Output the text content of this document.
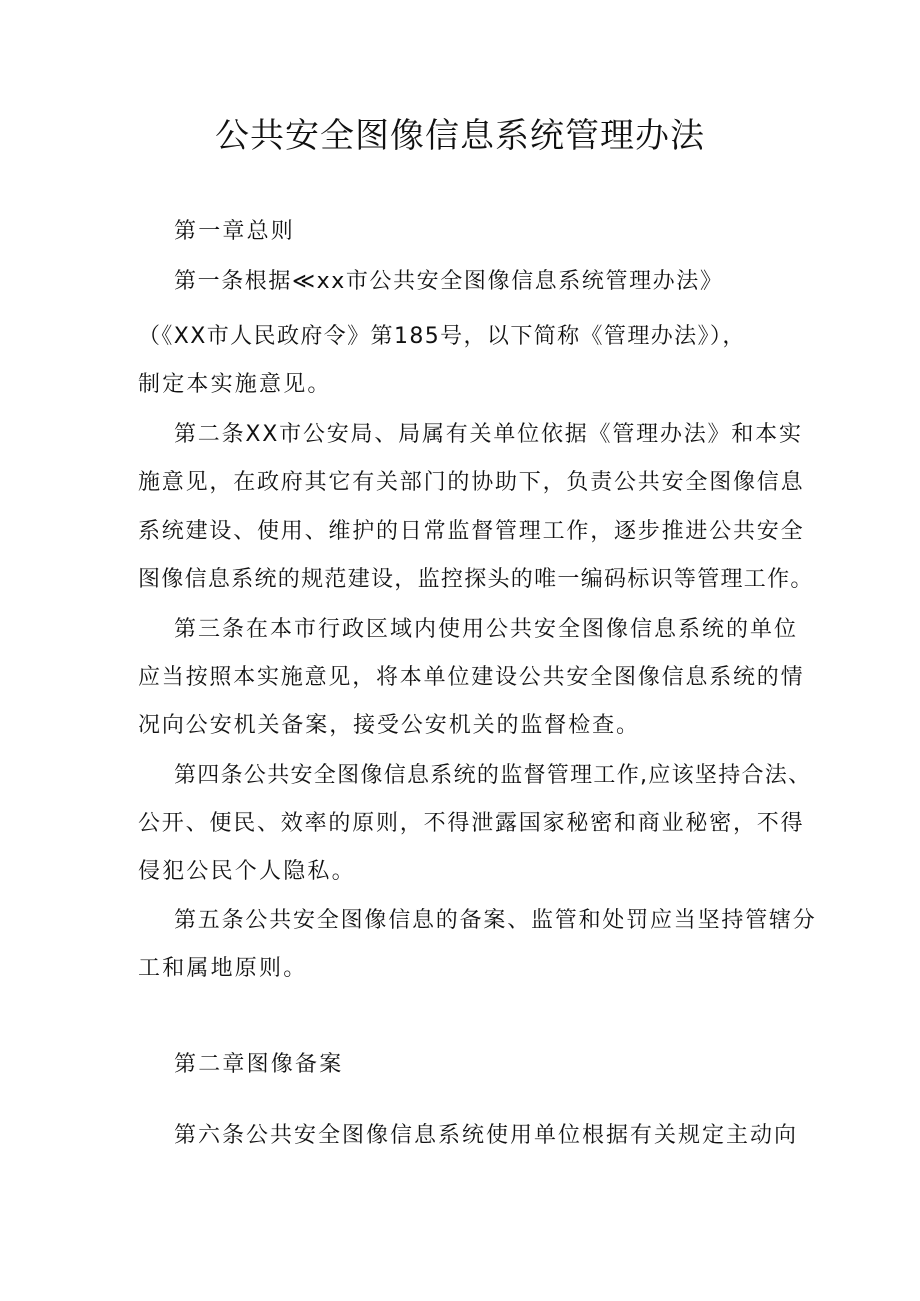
公共安全图像信息系统管理办法
第一章总则
第一条根据≪xx市公共安全图像信息系统管理办法》
（《XX市人民政府令》第185号，以下简称《管理办法》），
制定本实施意见。
第二条XX市公安局、局属有关单位依据《管理办法》和本实
施意见，在政府其它有关部门的协助下，负责公共安全图像信息
系统建设、使用、维护的日常监督管理工作，逐步推进公共安全
图像信息系统的规范建设，监控探头的唯一编码标识等管理工作。
第三条在本市行政区域内使用公共安全图像信息系统的单位
应当按照本实施意见，将本单位建设公共安全图像信息系统的情
况向公安机关备案，接受公安机关的监督检查。
第四条公共安全图像信息系统的监督管理工作,应该坚持合法、
公开、便民、效率的原则，不得泄露国家秘密和商业秘密，不得
侵犯公民个人隐私。
第五条公共安全图像信息的备案、监管和处罚应当坚持管辖分
工和属地原则。
第二章图像备案
第六条公共安全图像信息系统使用单位根据有关规定主动向
